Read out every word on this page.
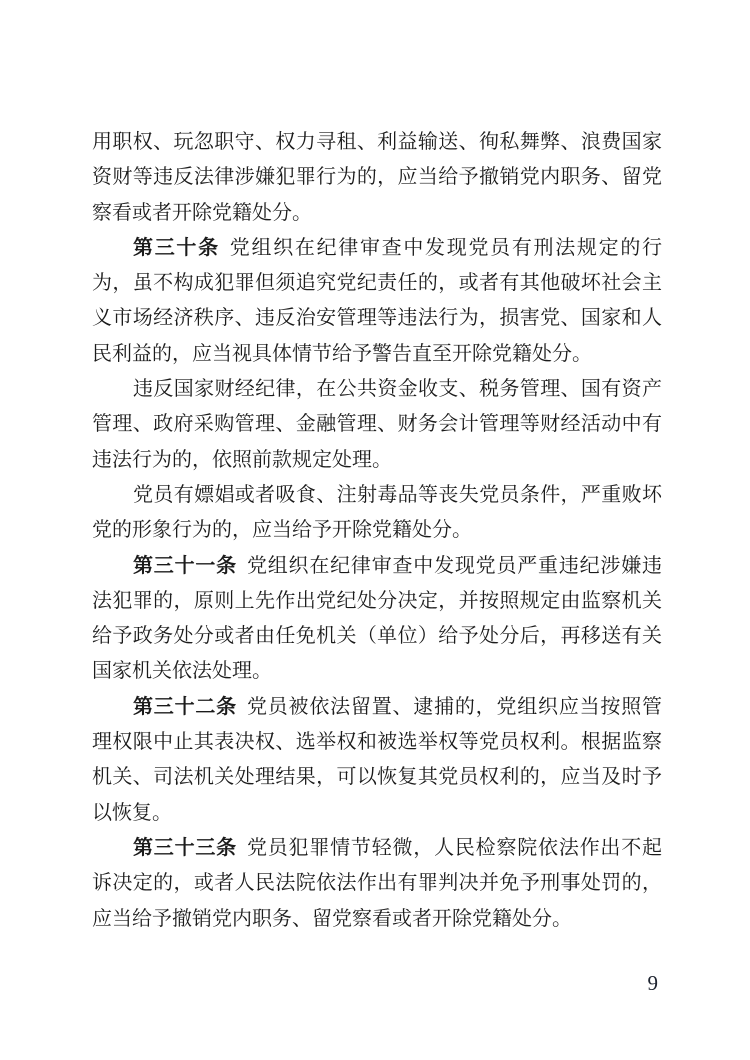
用职权、玩忽职守、权力寻租、利益输送、徇私舞弊、浪费国家
资财等违反法律涉嫌犯罪行为的，应当给予撤销党内职务、留党
察看或者开除党籍处分。
第三十条 党组织在纪律审查中发现党员有刑法规定的行
为，虽不构成犯罪但须追究党纪责任的，或者有其他破坏社会主
义市场经济秩序、违反治安管理等违法行为，损害党、国家和人
民利益的，应当视具体情节给予警告直至开除党籍处分。
违反国家财经纪律，在公共资金收支、税务管理、国有资产
管理、政府采购管理、金融管理、财务会计管理等财经活动中有
违法行为的，依照前款规定处理。
党员有嫖娼或者吸食、注射毒品等丧失党员条件，严重败坏
党的形象行为的，应当给予开除党籍处分。
第三十一条 党组织在纪律审查中发现党员严重违纪涉嫌违
法犯罪的，原则上先作出党纪处分决定，并按照规定由监察机关
给予政务处分或者由任免机关（单位）给予处分后，再移送有关
国家机关依法处理。
第三十二条 党员被依法留置、逮捕的，党组织应当按照管
理权限中止其表决权、选举权和被选举权等党员权利。根据监察
机关、司法机关处理结果，可以恢复其党员权利的，应当及时予
以恢复。
第三十三条 党员犯罪情节轻微，人民检察院依法作出不起
诉决定的，或者人民法院依法作出有罪判决并免予刑事处罚的，
应当给予撤销党内职务、留党察看或者开除党籍处分。
9
